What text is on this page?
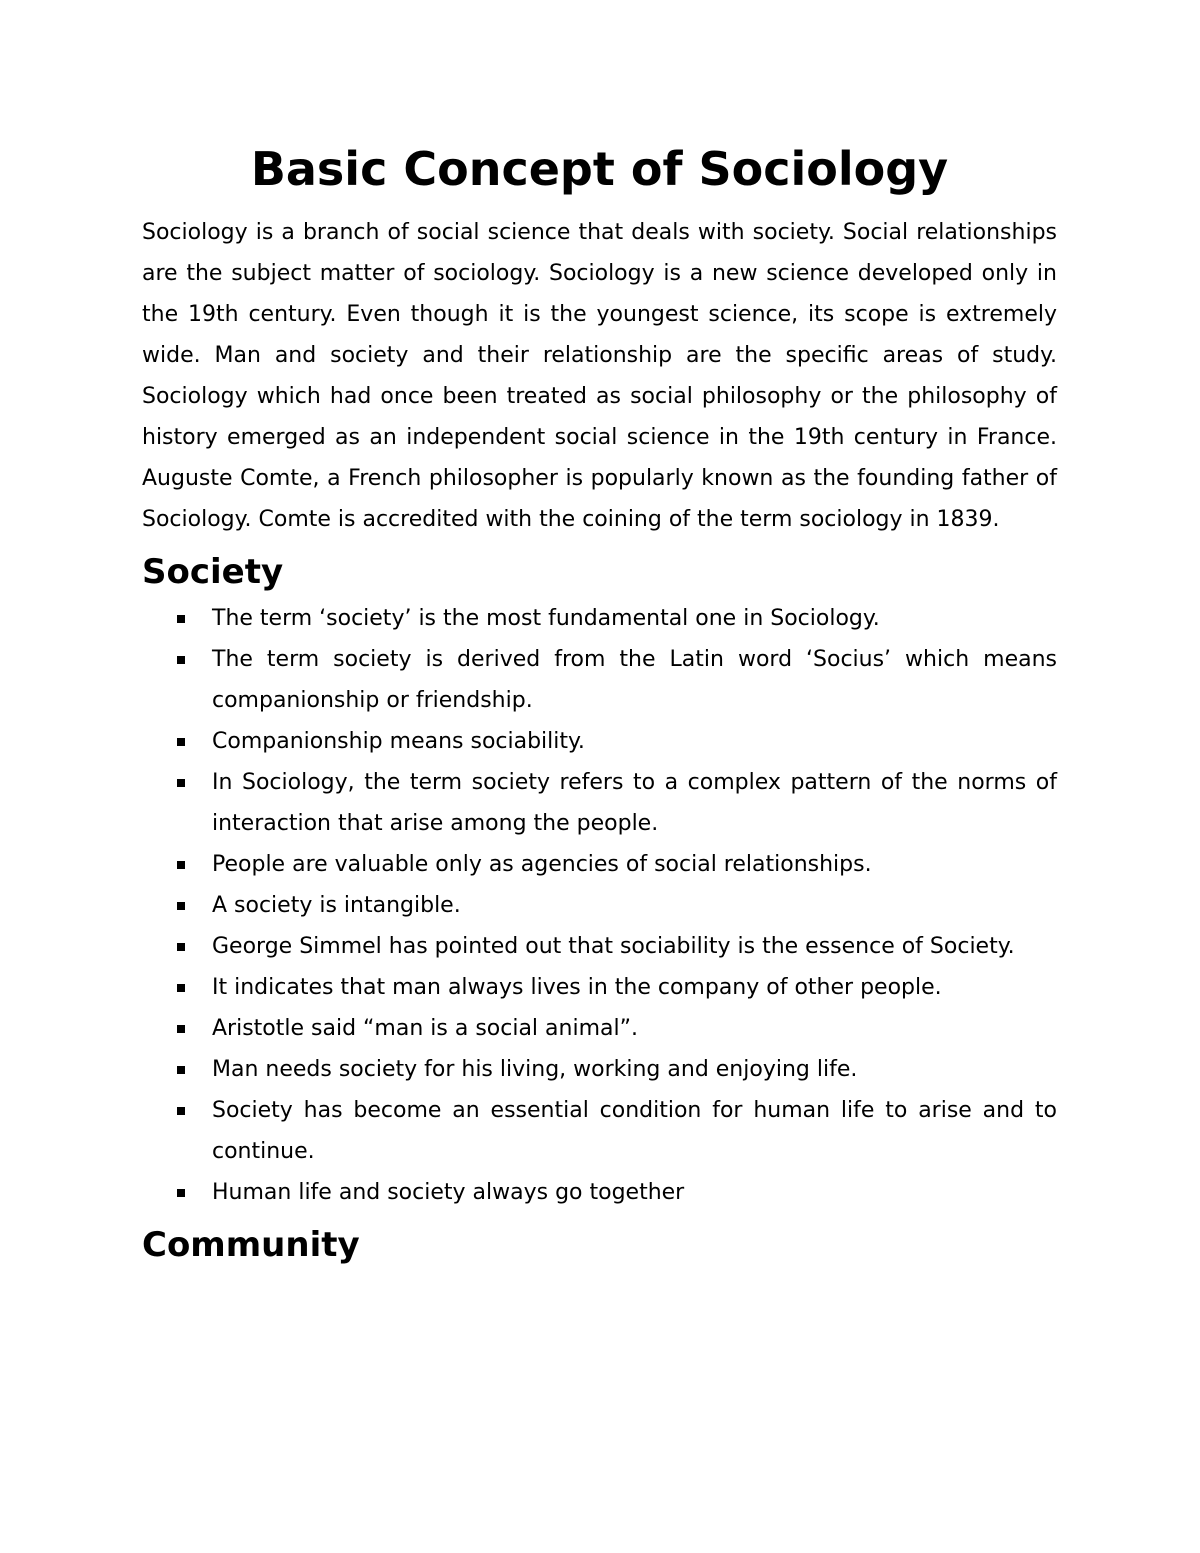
Basic Concept of Sociology

Sociology is a branch of social science that deals with society. Social relationships are the subject matter of sociology. Sociology is a new science developed only in the 19th century. Even though it is the youngest science, its scope is extremely wide. Man and society and their relationship are the specific areas of study. Sociology which had once been treated as social philosophy or the philosophy of history emerged as an independent social science in the 19th century in France. Auguste Comte, a French philosopher is popularly known as the founding father of Sociology. Comte is accredited with the coining of the term sociology in 1839.

Society
The term ‘society’ is the most fundamental one in Sociology.
The term society is derived from the Latin word ‘Socius’ which means companionship or friendship.
Companionship means sociability.
In Sociology, the term society refers to a complex pattern of the norms of interaction that arise among the people.
People are valuable only as agencies of social relationships.
A society is intangible.
George Simmel has pointed out that sociability is the essence of Society.
It indicates that man always lives in the company of other people.
Aristotle said “man is a social animal”.
Man needs society for his living, working and enjoying life.
Society has become an essential condition for human life to arise and to continue.
Human life and society always go together
Community
